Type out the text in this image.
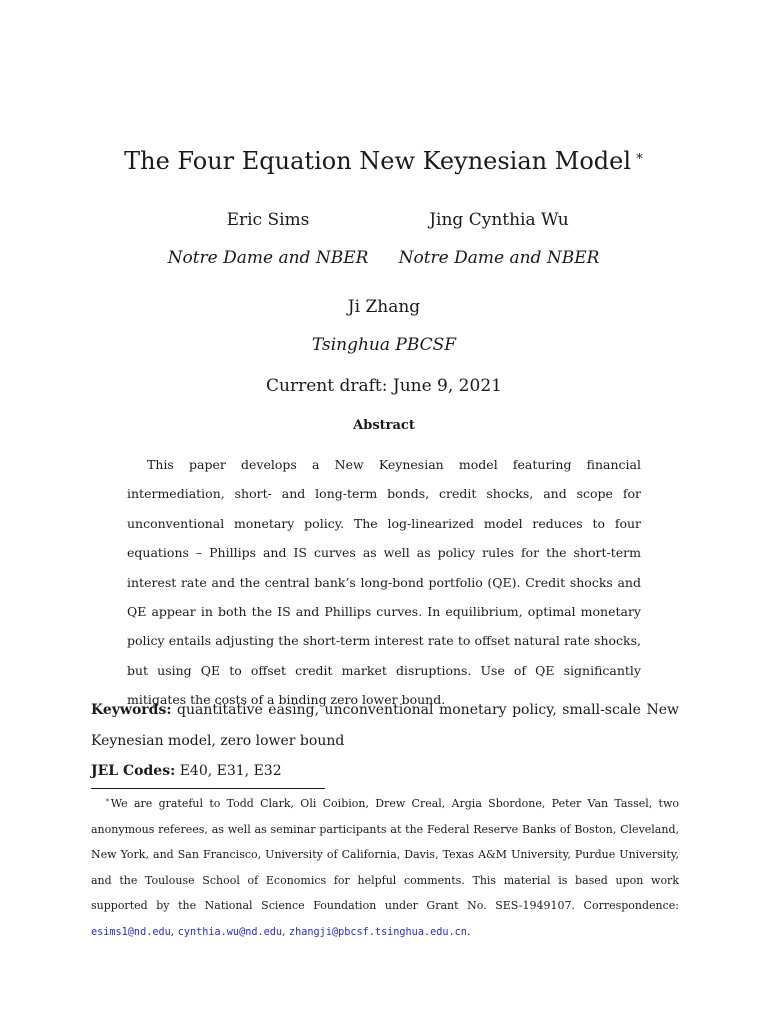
The Four Equation New Keynesian Model ∗
Eric Sims
Notre Dame and NBER
Jing Cynthia Wu
Notre Dame and NBER
Ji Zhang
Tsinghua PBCSF
Current draft: June 9, 2021
Abstract
This paper develops a New Keynesian model featuring financial intermediation, short- and long-term bonds, credit shocks, and scope for unconventional monetary policy. The log-linearized model reduces to four equations – Phillips and IS curves as well as policy rules for the short-term interest rate and the central bank’s long-bond portfolio (QE). Credit shocks and QE appear in both the IS and Phillips curves. In equilibrium, optimal monetary policy entails adjusting the short-term interest rate to offset natural rate shocks, but using QE to offset credit market disruptions. Use of QE significantly mitigates the costs of a binding zero lower bound.
Keywords: quantitative easing, unconventional monetary policy, small-scale New Keynesian model, zero lower bound
JEL Codes: E40, E31, E32
∗We are grateful to Todd Clark, Oli Coibion, Drew Creal, Argia Sbordone, Peter Van Tassel, two anonymous referees, as well as seminar participants at the Federal Reserve Banks of Boston, Cleveland, New York, and San Francisco, University of California, Davis, Texas A&M University, Purdue University, and the Toulouse School of Economics for helpful comments. This material is based upon work supported by the National Science Foundation under Grant No. SES-1949107. Correspondence: esims1@nd.edu, cynthia.wu@nd.edu, zhangji@pbcsf.tsinghua.edu.cn.
